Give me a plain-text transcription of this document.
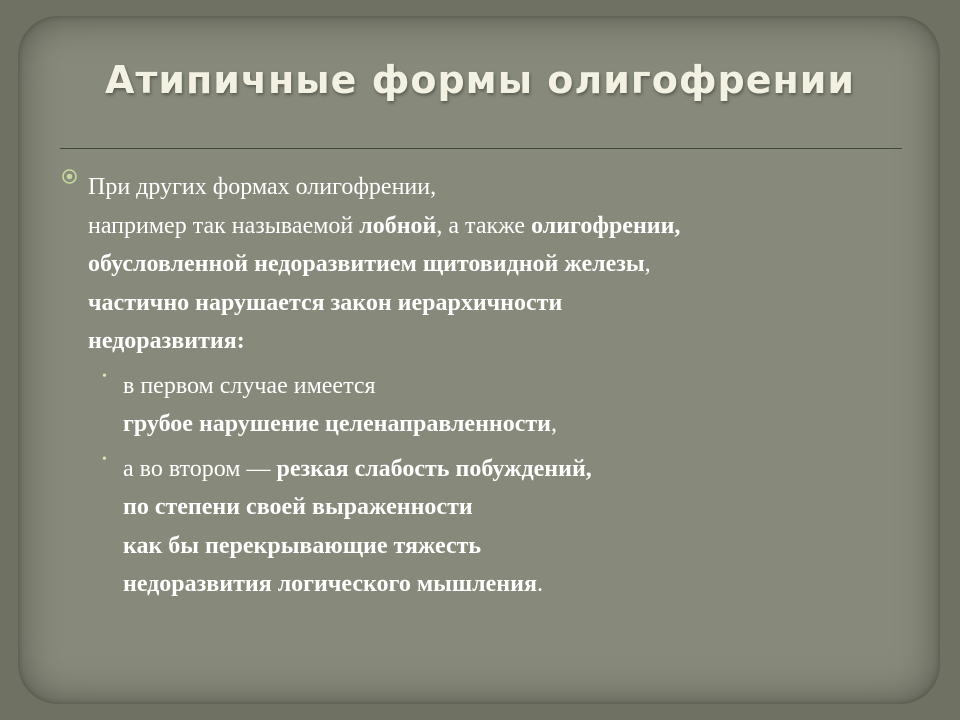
Атипичные формы олигофрении
При других формах олигофрении,
например так называемой лобной, а также олигофрении,
обусловленной недоразвитием щитовидной железы,
частично нарушается закон иерархичности
недоразвития:
• в первом случае имеется
грубое нарушение целенаправленности,
• а во втором — резкая слабость побуждений,
по степени своей выраженности
как бы перекрывающие тяжесть
недоразвития логического мышления.
